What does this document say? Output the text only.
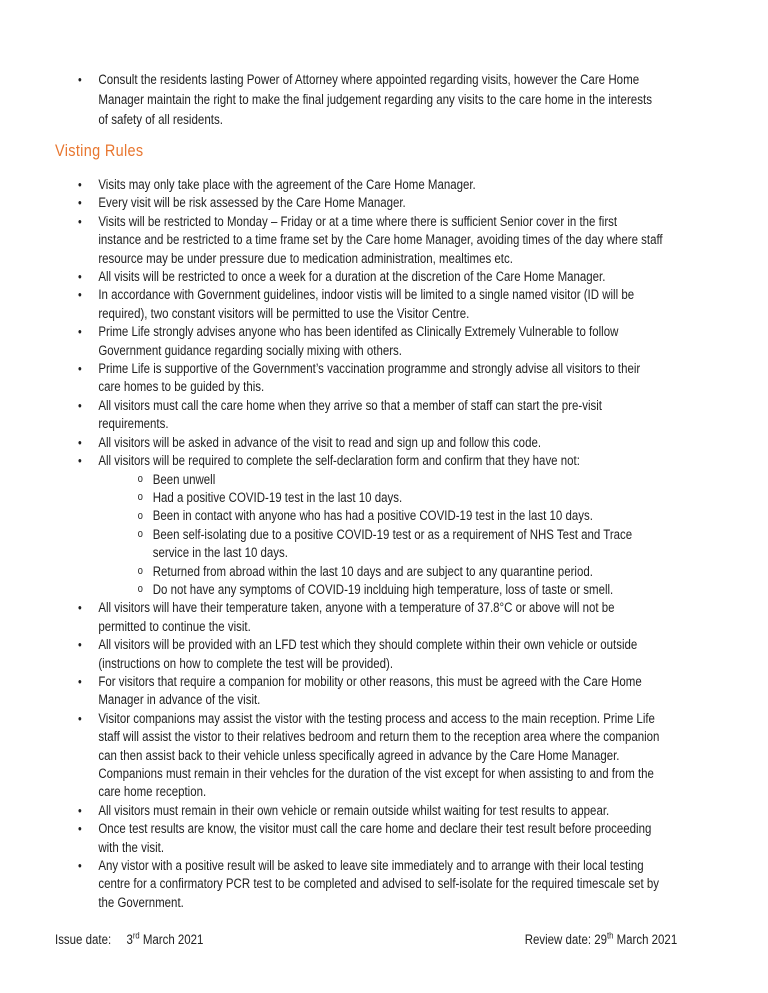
• Consult the residents lasting Power of Attorney where appointed regarding visits, however the Care Home Manager maintain the right to make the final judgement regarding any visits to the care home in the interests of safety of all residents.
Visting Rules
• Visits may only take place with the agreement of the Care Home Manager.
• Every visit will be risk assessed by the Care Home Manager.
• Visits will be restricted to Monday – Friday or at a time where there is sufficient Senior cover in the first instance and be restricted to a time frame set by the Care home Manager, avoiding times of the day where staff resource may be under pressure due to medication administration, mealtimes etc.
• All visits will be restricted to once a week for a duration at the discretion of the Care Home Manager.
• In accordance with Government guidelines, indoor vistis will be limited to a single named visitor (ID will be required), two constant visitors will be permitted to use the Visitor Centre.
• Prime Life strongly advises anyone who has been identifed as Clinically Extremely Vulnerable to follow Government guidance regarding socially mixing with others.
• Prime Life is supportive of the Government’s vaccination programme and strongly advise all visitors to their care homes to be guided by this.
• All visitors must call the care home when they arrive so that a member of staff can start the pre-visit requirements.
• All visitors will be asked in advance of the visit to read and sign up and follow this code.
• All visitors will be required to complete the self-declaration form and confirm that they have not:
o Been unwell
o Had a positive COVID-19 test in the last 10 days.
o Been in contact with anyone who has had a positive COVID-19 test in the last 10 days.
o Been self-isolating due to a positive COVID-19 test or as a requirement of NHS Test and Trace service in the last 10 days.
o Returned from abroad within the last 10 days and are subject to any quarantine period.
o Do not have any symptoms of COVID-19 inclduing high temperature, loss of taste or smell.
• All visitors will have their temperature taken, anyone with a temperature of 37.8°C or above will not be permitted to continue the visit.
• All visitors will be provided with an LFD test which they should complete within their own vehicle or outside (instructions on how to complete the test will be provided).
• For visitors that require a companion for mobility or other reasons, this must be agreed with the Care Home Manager in advance of the visit.
• Visitor companions may assist the vistor with the testing process and access to the main reception. Prime Life staff will assist the vistor to their relatives bedroom and return them to the reception area where the companion can then assist back to their vehicle unless specifically agreed in advance by the Care Home Manager. Companions must remain in their vehcles for the duration of the vist except for when assisting to and from the care home reception.
• All visitors must remain in their own vehicle or remain outside whilst waiting for test results to appear.
• Once test results are know, the visitor must call the care home and declare their test result before proceeding with the visit.
• Any vistor with a positive result will be asked to leave site immediately and to arrange with their local testing centre for a confirmatory PCR test to be completed and advised to self-isolate for the required timescale set by the Government.
Issue date: 3rd March 2021	Review date: 29th March 2021
